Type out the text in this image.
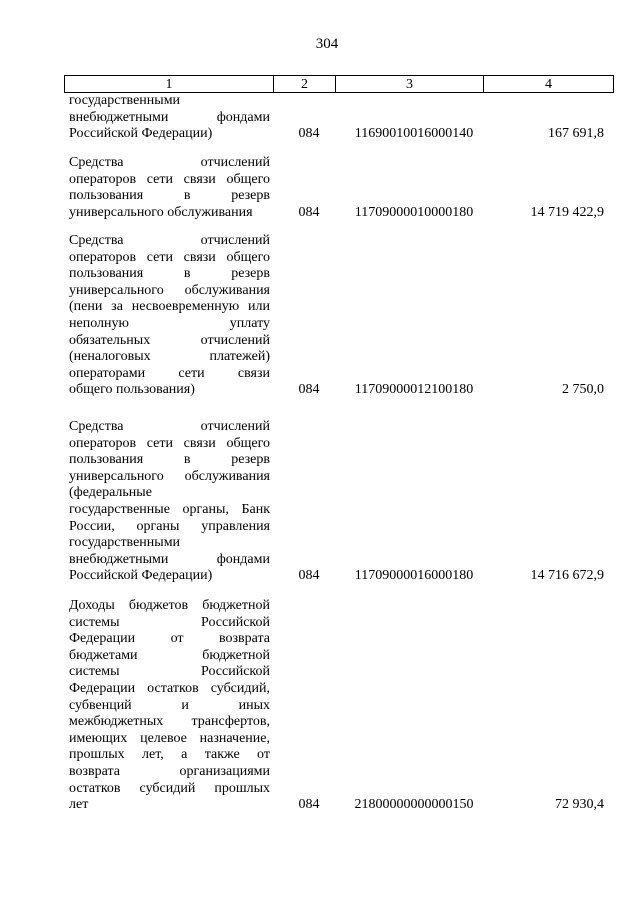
304
1	2	3	4
государственными
внебюджетными фондами
Российской Федерации)	084	11690010016000140	167 691,8
Средства отчислений
операторов сети связи общего
пользования в резерв
универсального обслуживания	084	11709000010000180	14 719 422,9
Средства отчислений
операторов сети связи общего
пользования в резерв
универсального обслуживания
(пени за несвоевременную или
неполную уплату
обязательных отчислений
(неналоговых платежей)
операторами сети связи
общего пользования)	084	11709000012100180	2 750,0
Средства отчислений
операторов сети связи общего
пользования в резерв
универсального обслуживания
(федеральные
государственные органы, Банк
России, органы управления
государственными
внебюджетными фондами
Российской Федерации)	084	11709000016000180	14 716 672,9
Доходы бюджетов бюджетной
системы Российской
Федерации от возврата
бюджетами бюджетной
системы Российской
Федерации остатков субсидий,
субвенций и иных
межбюджетных трансфертов,
имеющих целевое назначение,
прошлых лет, а также от
возврата организациями
остатков субсидий прошлых
лет	084	21800000000000150	72 930,4
